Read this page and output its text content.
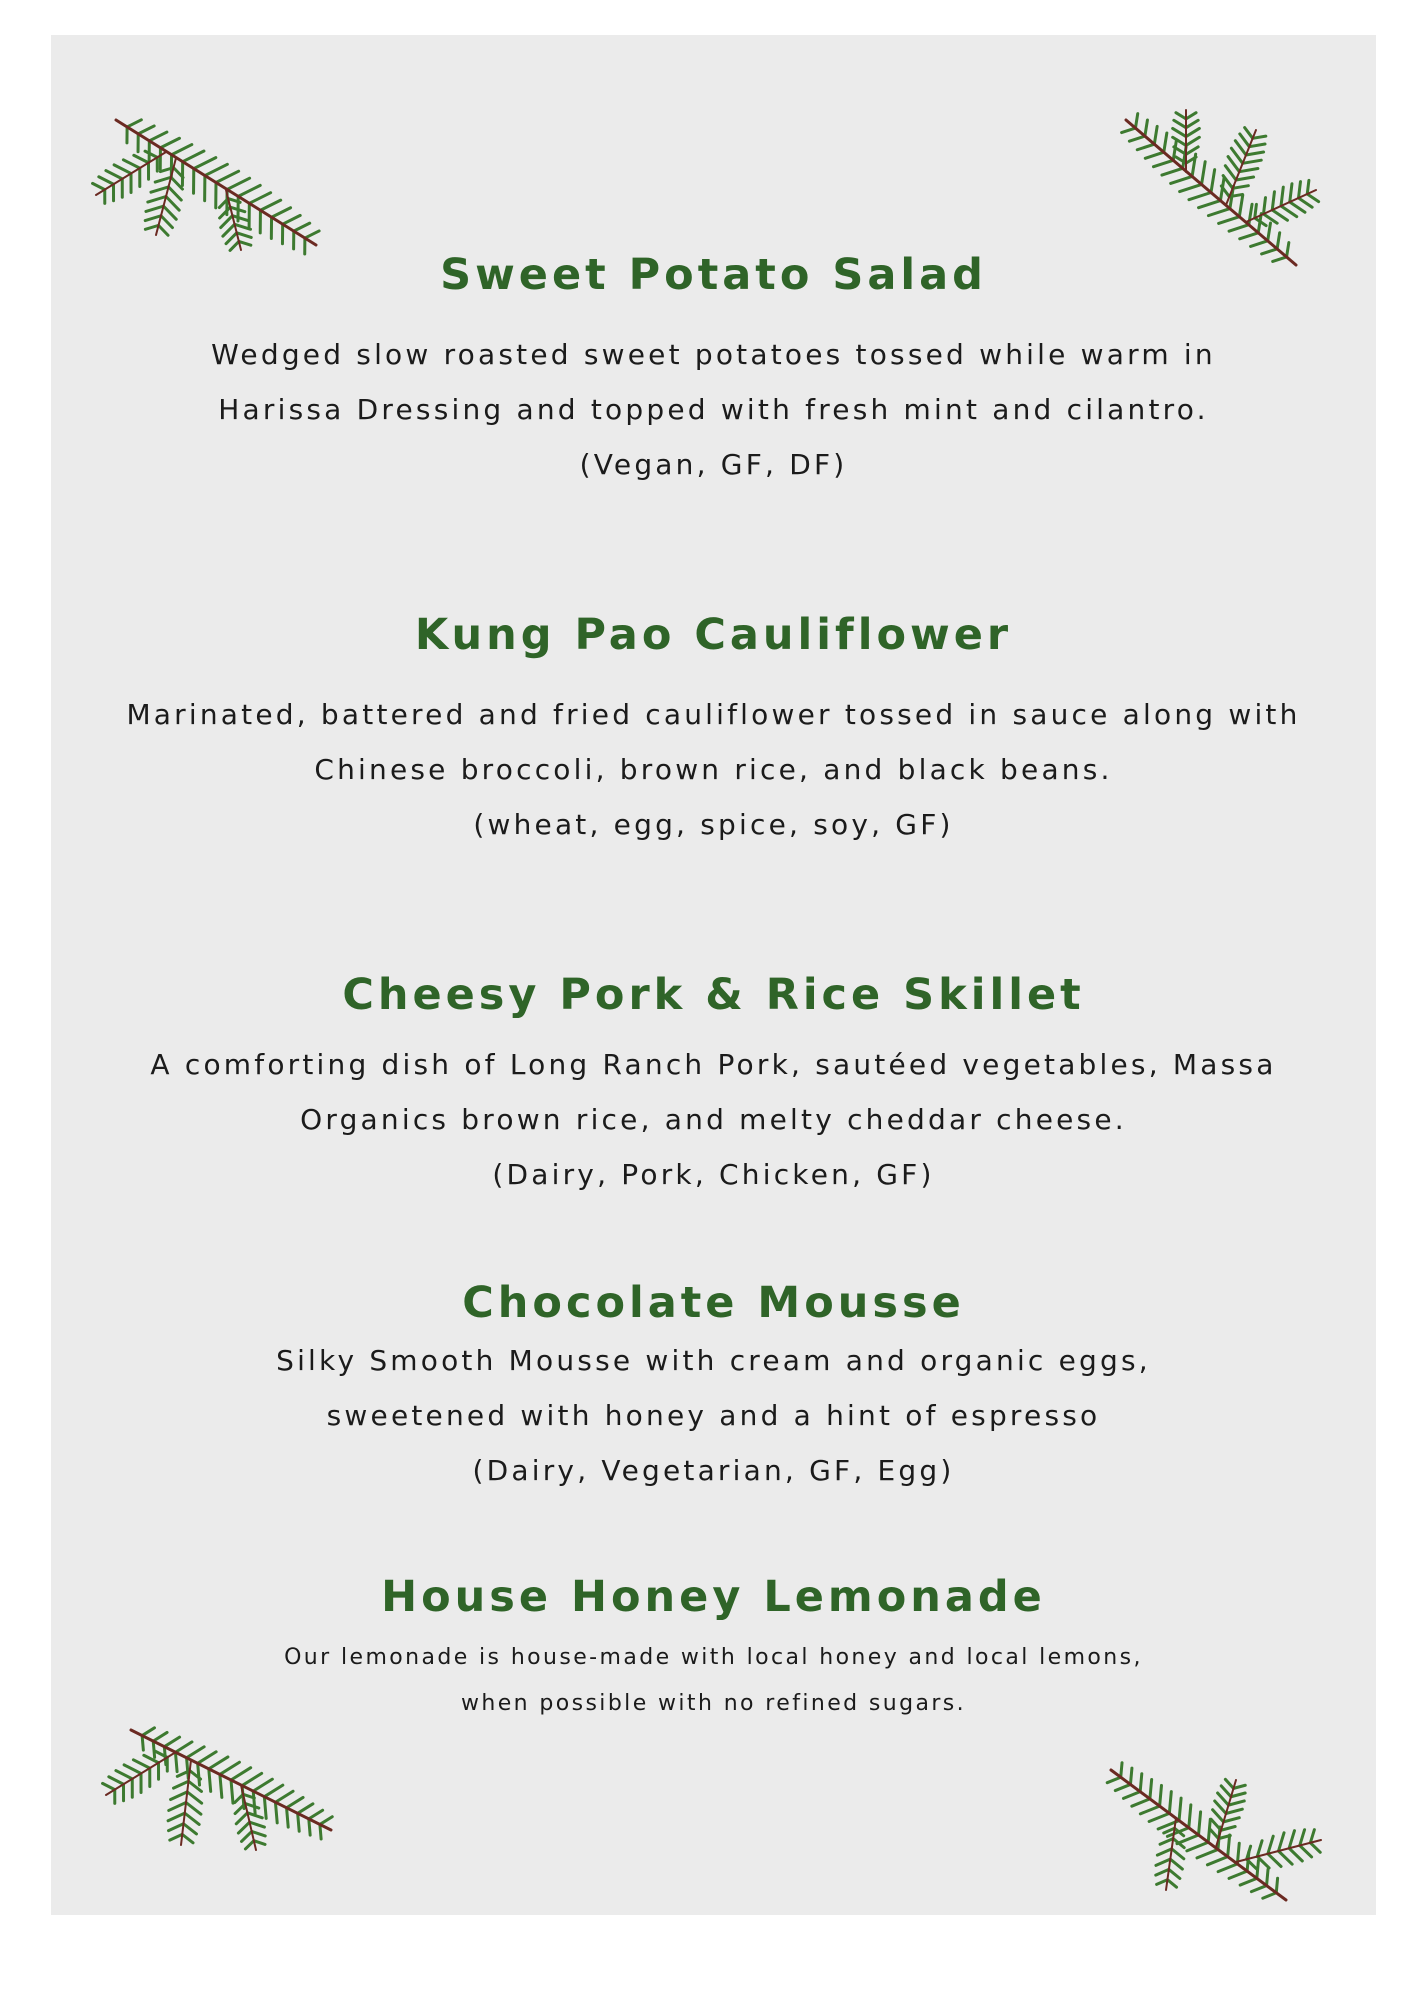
Sweet Potato Salad

Wedged slow roasted sweet potatoes tossed while warm in
Harissa Dressing and topped with fresh mint and cilantro.
(Vegan, GF, DF)

Kung Pao Cauliflower

Marinated, battered and fried cauliflower tossed in sauce along with
Chinese broccoli, brown rice, and black beans.
(wheat, egg, spice, soy, GF)

Cheesy Pork & Rice Skillet

A comforting dish of Long Ranch Pork, sautéed vegetables, Massa
Organics brown rice, and melty cheddar cheese.
(Dairy, Pork, Chicken, GF)

Chocolate Mousse

Silky Smooth Mousse with cream and organic eggs,
sweetened with honey and a hint of espresso
(Dairy, Vegetarian, GF, Egg)

House Honey Lemonade

Our lemonade is house-made with local honey and local lemons,
when possible with no refined sugars.
